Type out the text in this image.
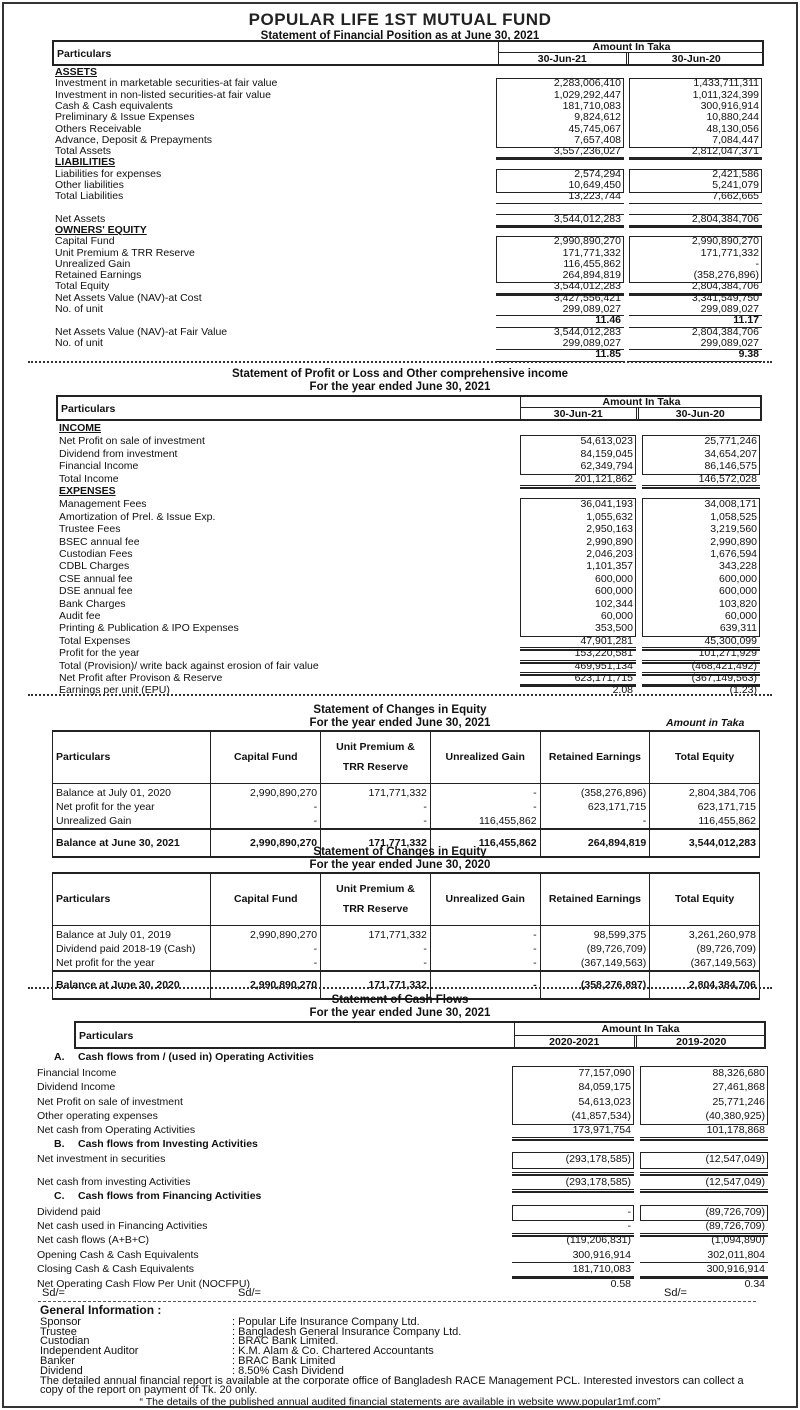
POPULAR LIFE 1ST MUTUAL FUND
Statement of Financial Position as at June 30, 2021
Particulars
Amount In Taka
30-Jun-21	30-Jun-20
ASSETS
Investment in marketable securities-at fair value	2,283,006,410	1,433,711,311
Investment in non-listed securities-at fair value	1,029,292,447	1,011,324,399
Cash & Cash equivalents	181,710,083	300,916,914
Preliminary & Issue Expenses	9,824,612	10,880,244
Others Receivable	45,745,067	48,130,056
Advance, Deposit & Prepayments	7,657,408	7,084,447
Total Assets	3,557,236,027	2,812,047,371
LIABILITIES
Liabilities for expenses	2,574,294	2,421,586
Other liabilities	10,649,450	5,241,079
Total Liabilities	13,223,744	7,662,665
Net Assets	3,544,012,283	2,804,384,706
OWNERS' EQUITY
Capital Fund	2,990,890,270	2,990,890,270
Unit Premium & TRR Reserve	171,771,332	171,771,332
Unrealized Gain	116,455,862	-
Retained Earnings	264,894,819	(358,276,896)
Total Equity	3,544,012,283	2,804,384,706
Net Assets Value (NAV)-at Cost	3,427,556,421	3,341,549,750
No. of unit	299,089,027	299,089,027
11.46	11.17
Net Assets Value (NAV)-at Fair Value	3,544,012,283	2,804,384,706
No. of unit	299,089,027	299,089,027
11.85	9.38
Statement of Profit or Loss and Other comprehensive income
For the year ended June 30, 2021
Particulars
Amount In Taka
30-Jun-21	30-Jun-20
INCOME
Net Profit on sale of investment	54,613,023	25,771,246
Dividend from investment	84,159,045	34,654,207
Financial Income	62,349,794	86,146,575
Total Income	201,121,862	146,572,028
EXPENSES
Management Fees	36,041,193	34,008,171
Amortization of Prel. & Issue Exp.	1,055,632	1,058,525
Trustee Fees	2,950,163	3,219,560
BSEC annual fee	2,990,890	2,990,890
Custodian Fees	2,046,203	1,676,594
CDBL Charges	1,101,357	343,228
CSE annual fee	600,000	600,000
DSE annual fee	600,000	600,000
Bank Charges	102,344	103,820
Audit fee	60,000	60,000
Printing & Publication & IPO Expenses	353,500	639,311
Total Expenses	47,901,281	45,300,099
Profit for the year	153,220,581	101,271,929
Total (Provision)/ write back against erosion of fair value	469,951,134	(468,421,492)
Net Profit after Provison & Reserve	623,171,715	(367,149,563)
Earnings per unit (EPU)	2.08	(1.23)
Statement of Changes in Equity
For the year ended June 30, 2021	Amount in Taka
Particulars	Capital Fund	Unit Premium & TRR Reserve	Unrealized Gain	Retained Earnings	Total Equity
Balance at July 01, 2020	2,990,890,270	171,771,332	-	(358,276,896)	2,804,384,706
Net profit for the year	-	-	-	623,171,715	623,171,715
Unrealized Gain	-	-	116,455,862	-	116,455,862
Balance at June 30, 2021	2,990,890,270	171,771,332	116,455,862	264,894,819	3,544,012,283
Statement of Changes in Equity
For the year ended June 30, 2020
Particulars	Capital Fund	Unit Premium & TRR Reserve	Unrealized Gain	Retained Earnings	Total Equity
Balance at July 01, 2019	2,990,890,270	171,771,332	-	98,599,375	3,261,260,978
Dividend paid 2018-19 (Cash)	-	-	-	(89,726,709)	(89,726,709)
Net profit for the year	-	-	-	(367,149,563)	(367,149,563)
Balance at June 30, 2020	2,990,890,270	171,771,332	-	(358,276,897)	2,804,384,706
Statement of Cash Flows
For the year ended June 30, 2021
Particulars
Amount In Taka
2020-2021	2019-2020
A. Cash flows from / (used in) Operating Activities
Financial Income	77,157,090	88,326,680
Dividend Income	84,059,175	27,461,868
Net Profit on sale of investment	54,613,023	25,771,246
Other operating expenses	(41,857,534)	(40,380,925)
Net cash from Operating Activities	173,971,754	101,178,868
B. Cash flows from Investing Activities
Net investment in securities	(293,178,585)	(12,547,049)
Net cash from investing Activities	(293,178,585)	(12,547,049)
C. Cash flows from Financing Activities
Dividend paid	-	(89,726,709)
Net cash used in Financing Activities	-	(89,726,709)
Net cash flows (A+B+C)	(119,206,831)	(1,094,890)
Opening Cash & Cash Equivalents	300,916,914	302,011,804
Closing Cash & Cash Equivalents	181,710,083	300,916,914
Net Operating Cash Flow Per Unit (NOCFPU)	0.58	0.34
Sd/=	Sd/=	Sd/=
General Information :
Sponsor	: Popular Life Insurance Company Ltd.
Trustee	: Bangladesh General Insurance Company Ltd.
Custodian	: BRAC Bank Limited.
Independent Auditor	: K.M. Alam & Co. Chartered Accountants
Banker	: BRAC Bank Limited
Dividend	: 8.50% Cash Dividend
The detailed annual financial report is available at the corporate office of Bangladesh RACE Management PCL. Interested investors can collect a copy of the report on payment of Tk. 20 only.
“ The details of the published annual audited financial statements are available in website www.popular1mf.com”
